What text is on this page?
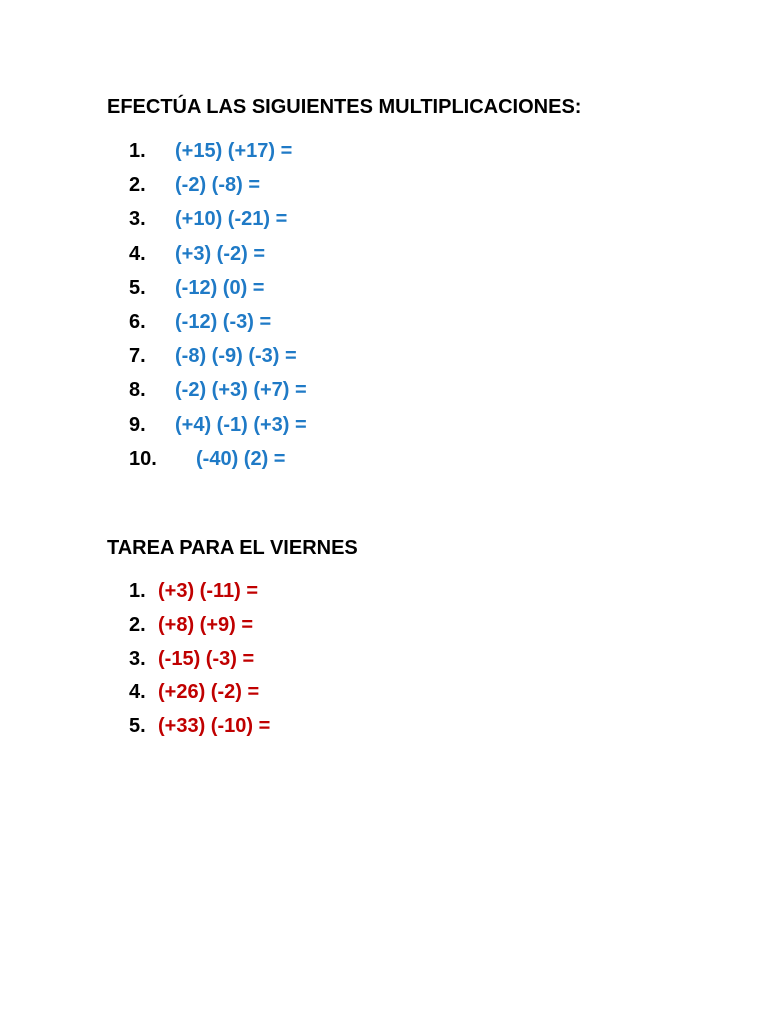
EFECTÚA LAS SIGUIENTES MULTIPLICACIONES:
1. (+15) (+17) =
2. (-2) (-8) =
3. (+10) (-21) =
4. (+3) (-2) =
5. (-12) (0) =
6. (-12) (-3) =
7. (-8) (-9) (-3) =
8. (-2) (+3) (+7) =
9. (+4) (-1) (+3) =
10. (-40) (2) =
TAREA PARA EL VIERNES
1. (+3) (-11) =
2. (+8) (+9) =
3. (-15) (-3) =
4. (+26) (-2) =
5. (+33) (-10) =
